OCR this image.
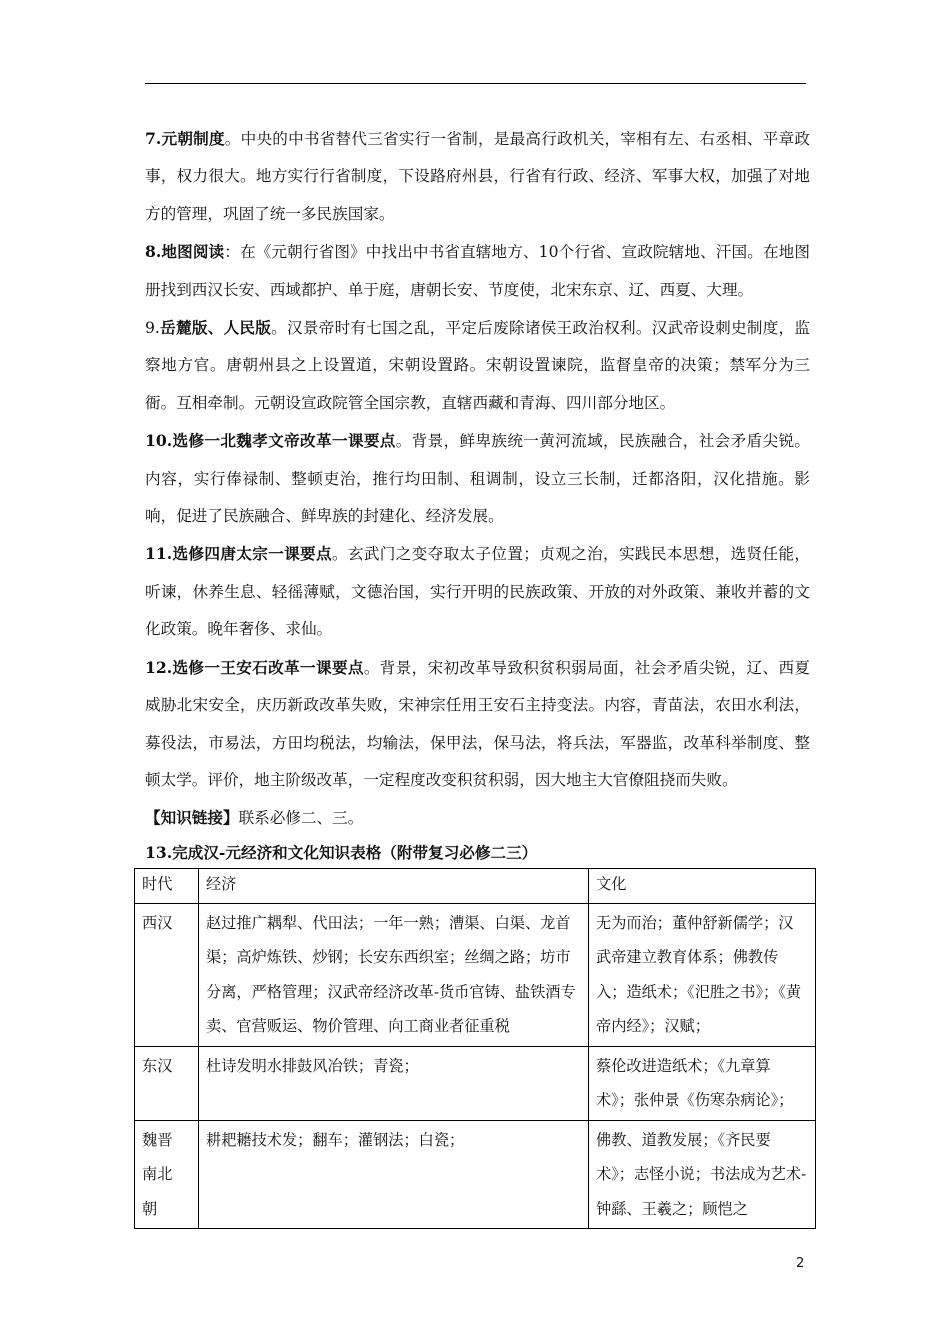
7.元朝制度。中央的中书省替代三省实行一省制，是最高行政机关，宰相有左、右丞相、平章政事，权力很大。地方实行行省制度，下设路府州县，行省有行政、经济、军事大权，加强了对地方的管理，巩固了统一多民族国家。

8.地图阅读：在《元朝行省图》中找出中书省直辖地方、10个行省、宣政院辖地、汗国。在地图册找到西汉长安、西域都护、单于庭，唐朝长安、节度使，北宋东京、辽、西夏、大理。

9.岳麓版、人民版。汉景帝时有七国之乱，平定后废除诸侯王政治权利。汉武帝设刺史制度，监察地方官。唐朝州县之上设置道，宋朝设置路。宋朝设置谏院，监督皇帝的决策；禁军分为三衙。互相牵制。元朝设宣政院管全国宗教，直辖西藏和青海、四川部分地区。

10.选修一北魏孝文帝改革一课要点。背景，鲜卑族统一黄河流域，民族融合，社会矛盾尖锐。内容，实行俸禄制、整顿吏治，推行均田制、租调制，设立三长制，迁都洛阳，汉化措施。影响，促进了民族融合、鲜卑族的封建化、经济发展。

11.选修四唐太宗一课要点。玄武门之变夺取太子位置；贞观之治，实践民本思想，选贤任能，听谏，休养生息、轻徭薄赋，文德治国，实行开明的民族政策、开放的对外政策、兼收并蓄的文化政策。晚年奢侈、求仙。

12.选修一王安石改革一课要点。背景，宋初改革导致积贫积弱局面，社会矛盾尖锐，辽、西夏威胁北宋安全，庆历新政改革失败，宋神宗任用王安石主持变法。内容，青苗法，农田水利法，募役法，市易法，方田均税法，均输法，保甲法，保马法，将兵法，军器监，改革科举制度、整顿太学。评价，地主阶级改革，一定程度改变积贫积弱，因大地主大官僚阻挠而失败。

【知识链接】联系必修二、三。

13.完成汉-元经济和文化知识表格（附带复习必修二三）

时代	经济	文化
西汉	赵过推广耦犁、代田法；一年一熟；漕渠、白渠、龙首渠；高炉炼铁、炒钢；长安东西织室；丝绸之路；坊市分离，严格管理；汉武帝经济改革-货币官铸、盐铁酒专卖、官营贩运、物价管理、向工商业者征重税	无为而治；董仲舒新儒学；汉武帝建立教育体系；佛教传入；造纸术；《汜胜之书》；《黄帝内经》；汉赋；
东汉	杜诗发明水排鼓风冶铁；青瓷；	蔡伦改进造纸术；《九章算术》；张仲景《伤寒杂病论》；
魏晋
南北
朝	耕耙耱技术发；翻车；灌钢法；白瓷；	佛教、道教发展；《齐民要术》；志怪小说；书法成为艺术-钟繇、王羲之；顾恺之
2
